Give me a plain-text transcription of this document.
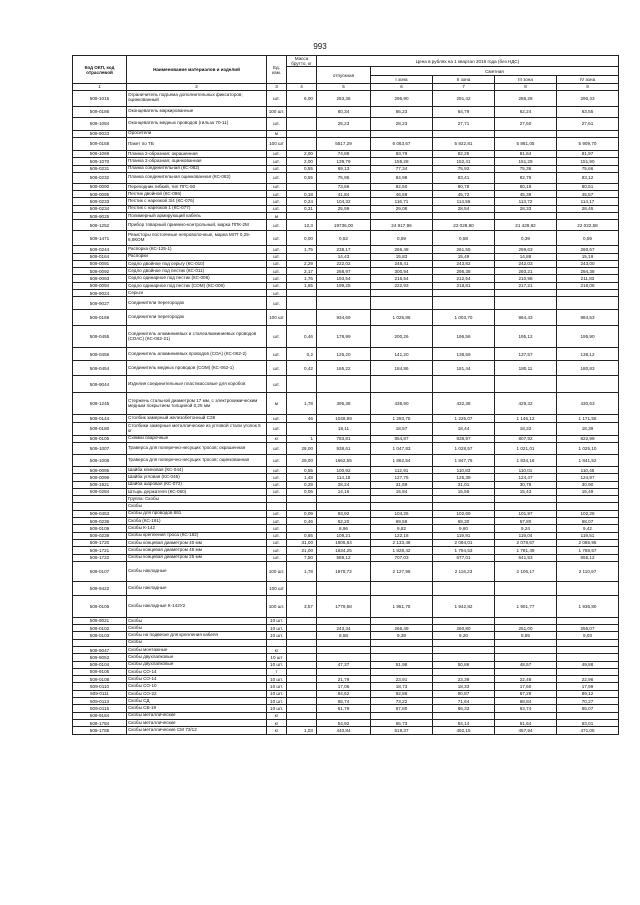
993
Код ОКП, код отраслевой	Наименование материалов и изделий	Ед. изм.	Масса брутто, кг	Цена в рублях на 1 квартал 2016 года (без НДС)				
				отпускная	Сметная			
					I зона	II зона	III зона	IV зона
1	2	3	4	5	6	7	8	9
509-1015	Ограничитель подъема дополнительных фиксаторов; оцинкованный	шт.	6,00	263,36	296,90	291,42	286,28	290,43
509-0186	Оконцеватель маркированные	100 шт.		60,34	66,23	64,79	62,24	63,55
509-1084	Оконцеватель медных проводов (гильза 70-11)	шт.		25,23	28,23	27,71	27,50	27,61
509-9023	Оросители	м						
509-0158	Пакет по ТБ	100 шт		5517,29	6 063,67	5 922,81	5 881,05	5 909,70
509-1069	Планка 2-образная; окрашенная	шт.	2,00	74,88	83,79	82,25	81,64	81,97
509-1070	Планка 2-образная; оцинкованная	шт.	2,00	139,79	155,28	152,41	151,29	151,90
509-0231	Планка соединительная (КС-082)	шт.	0,55	69,13	77,34	75,92	75,36	75,66
509-0232	Планка соединительная оцинкованная (КС-082)	шт.	0,55	75,95	84,98	83,41	82,79	83,12
509-0090	Переходник гибкий, тип ПГС-50	шт.		73,66	82,50	80,78	80,18	80,51
509-0095	Пестик двойной (КС-096)	шт.	0,18	41,84	46,59	45,72	45,39	45,57
509-0233	Пестик с нарезкой 3/4 (КС-076)	шт.	0,24	104,32	116,71	114,56	113,72	114,17
509-0234	Пестик с нарезкой 1 (КС-077)	шт.	0,31	25,99	29,08	28,54	28,33	28,45
509-9025	Полимерный армирующий кабель	м						
509-1252	Прибор товарный приемно-контрольный, марка ППК-2М	шт.	12,3	19736,00	24 917,96	23 028,90	21 429,82	22 022,58
509-1471	Резисторы постоянные непроволочные, марка МЛТ 0,25-6,8КОМ	шт.	0,00	0,52	0,59	0,58	0,39	0,59
509-0244	Распорка (КС-125-1)	шт.	1,75	238,17	266,48	261,55	259,63	260,67
509-0164	Распорки	шт.		14,43	15,83	15,49	14,88	15,19
509-0091	Седло двойное под серьгу (КС-010)	шт.	2,29	222,02	248,41	243,82	242,03	243,00
509-0092	Седло двойное под пестик (КС-011)	шт.	2,17	268,97	300,94	295,38	293,21	294,38
509-0093	Седло одинарное под пестик (КС-008)	шт.	1,76	193,54	216,54	212,54	210,98	211,83
509-0094	Седло одинарное под пестик (СОМ) (КС-009)	шт.	1,65	199,25	222,93	218,81	217,21	218,08
509-9024	Серьги	шт.						
509-9027	Соединители перегородок	шт.						
509-0169	Соединители перегородок	100 шт		934,69	1 025,86	1 003,70	964,43	984,53
509-0455	Соединитель алюминиевых и сталеалюминиевых проводов (СОАС) (КС-062-21)	шт.	0,46	178,99	200,26	196,56	195,12	195,90
509-0456	Соединитель алюминиевых проводов (СОА) (КС-062-2)	шт.	0,2	126,20	141,20	138,59	137,57	138,12
509-0454	Соединитель медных проводов (СОМ) (КС-062-1)	шт.	0,42	165,22	184,86	181,44	180,11	180,83
509-9044	Изделия соединительные пластмассовые для коробов	шт.						
509-1245	Стержень стальной диаметром 17 мм, с электрохимическим медным покрытием толщиной 0,25 мм	м	1,78	395,38	438,90	432,38	429,32	430,63
509-0144	Столбик замерный железобетонный СЗК	шт.	46	1048,99	1 293,75	1 225,07	1 146,12	1 171,55
509-0180	Столбики замерные металлические из угловой стали уголок 5 кг	шт.		18,11	18,57	18,44	18,33	18,39
509-0105	Схемки сварочные	кг	1	783,81	854,87	838,97	807,92	822,99
509-1007	Траверса для поперечно-несущих тросов; окрашенная	шт.	28,00	938,61	1 047,83	1 028,57	1 021,01	1 025,10
509-1008	Траверса для поперечно-несущих тросов; оцинкованная	шт.	29,00	1662,55	1 862,54	1 847,76	1 834,18	1 841,52
509-0095	Шайба клиновая (КС-044)	шт.	0,55	100,92	112,91	110,83	110,01	110,45
509-0096	Шайба угловая (КС-045)	шт.	1,48	114,18	127,75	125,39	124,47	124,97
509-1921	Шайба шаровая (КС-072)	шт.	0,29	28,24	31,59	31,01	30,78	30,90
509-0284	Штырь держателя (КС-060)	шт.	0,06	14,16	15,84	15,55	15,43	15,49
	Группа: Скобы							
	Скобы							
509-0453	Скобы для проводов 661	шт.	0,09	93,92	104,25	102,69	101,97	102,28
509-0236	Скоба (КС-161)	шт.	0,46	62,20	69,59	68,30	67,80	68,07
509-0109	Скобы К-142	шт.		8,96	9,82	9,60	9,24	9,42
509-0239	Скобы крепления троса (КС-162)	шт.	0,65	109,21	122,18	119,91	119,04	119,51
509-1720	Скобы концевая диаметром 40 мм	шт.	31,00	1906,84	2 133,48	2 094,01	2 078,67	2 086,96
509-1721	Скобы концевая диаметром 45 мм	шт.	21,00	1634,25	1 828,42	1 794,53	1 781,49	1 788,57
509-1722	Скобы концевая диаметром 25 мм	шт.	7,50	589,12	707,03	677,01	641,53	655,12
509-0107	Скобы накладные	100 шт.	1,78	1978,72	2 127,96	2 116,23	2 106,17	2 110,97
509-9422	Скобы накладные	100 шт						
509-0106	Скобы накладные К-142У2	100 шт.	3,57	1779,58	1 951,75	1 942,82	1 901,77	1 935,80
509-9021	Скобы	10 шт.						
509-0102	Скобы	10 шт.		243,34	266,49	260,80	251,00	256,07
509-0103	Скобы на подвеске для крепления кабеля	10 шт.		8,58	9,39	9,20	8,85	9,03
	Скобы							
509-9047	Скобы монтажные	кг						
509-9052	Скобы двухлапковые	10 шт						
509-0104	Скобы двухлапковые	10 шт.		47,37	51,98	50,86	48,57	49,88
509-9105	Скобы СО-14	т						
509-0108	Скобы СО-14	10 шт.		21,79	23,91	23,39	22,48	22,96
509-0110	Скобы СО-10	10 шт.		17,06	18,73	18,33	17,60	17,99
509-0111	Скобы СО-22	10 шт.		84,62	92,86	90,87	87,29	89,12
509-0113	Скобы СД	10 шт.		66,74	73,22	71,64	68,84	70,27
509-0115	Скобы СБ-19	10 шт.		61,79	67,80	66,33	63,74	65,07
509-9164	Скобы металлические	кг						
509-1784	Скобы металлические	кг		54,92	65,73	64,14	61,64	63,01
509-1785	Скобы металлические СМ 73/12	кг	1,03	440,84	519,37	492,15	457,94	471,05
